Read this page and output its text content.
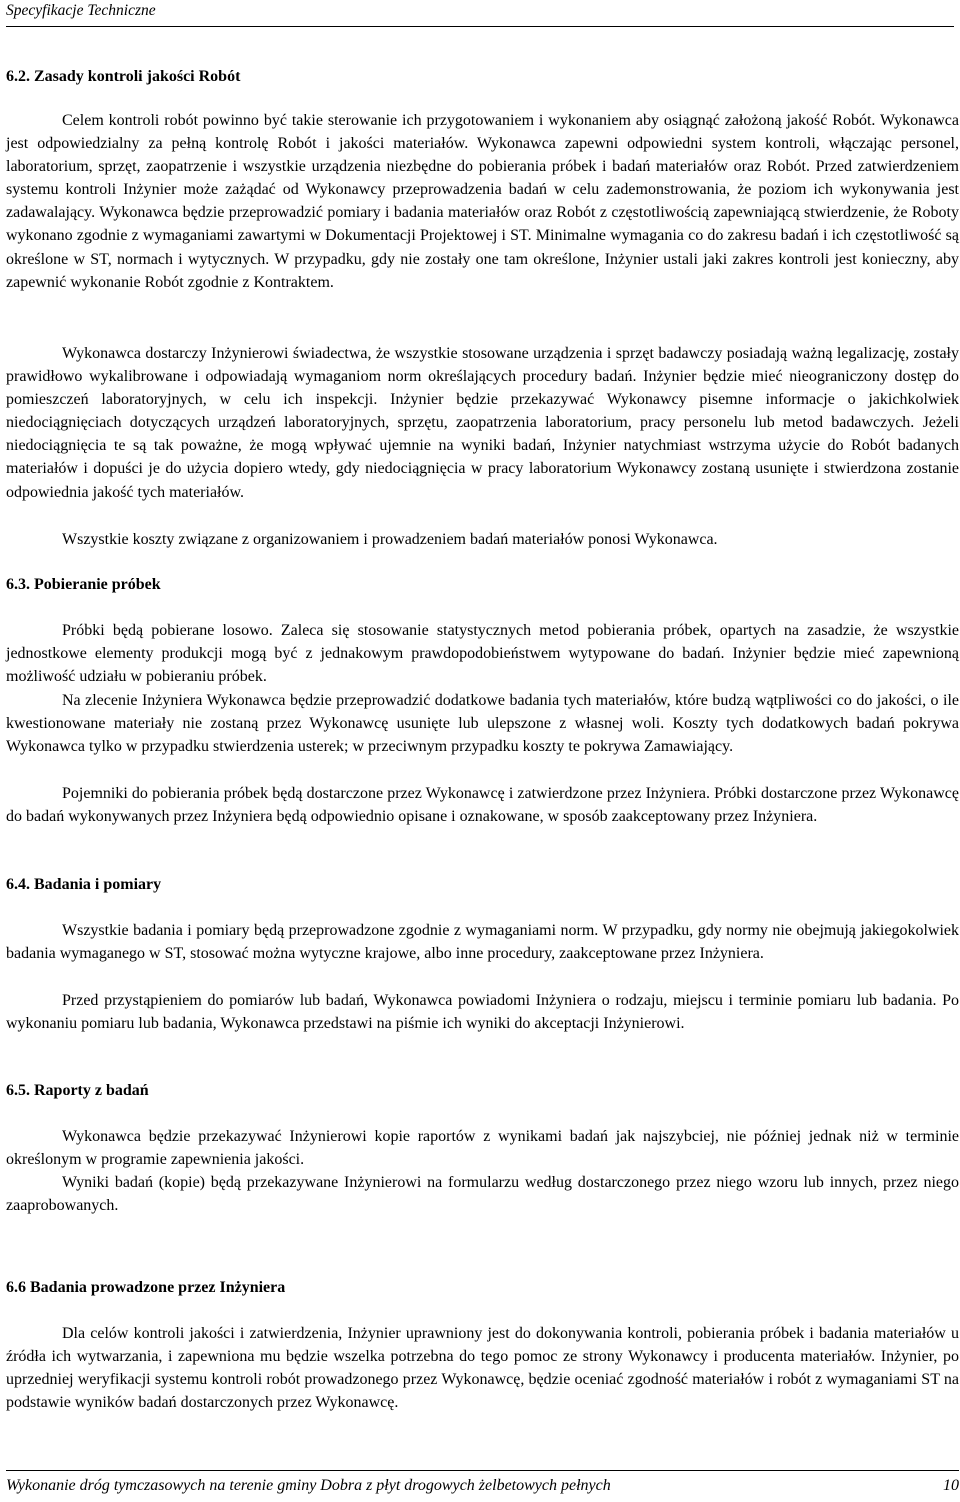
Specyfikacje Techniczne
6.2. Zasady kontroli jakości Robót

Celem kontroli robót powinno być takie sterowanie ich przygotowaniem i wykonaniem aby osiągnąć założoną jakość Robót. Wykonawca jest odpowiedzialny za pełną kontrolę Robót i jakości materiałów. Wykonawca zapewni odpowiedni system kontroli, włączając personel, laboratorium, sprzęt, zaopatrzenie i wszystkie urządzenia niezbędne do pobierania próbek i badań materiałów oraz Robót. Przed zatwierdzeniem systemu kontroli Inżynier może zażądać od Wykonawcy przeprowadzenia badań w celu zademonstrowania, że poziom ich wykonywania jest zadawalający. Wykonawca będzie przeprowadzić pomiary i badania materiałów oraz Robót z częstotliwością zapewniającą stwierdzenie, że Roboty wykonano zgodnie z wymaganiami zawartymi w Dokumentacji Projektowej i ST. Minimalne wymagania co do zakresu badań i ich częstotliwość są określone w ST, normach i wytycznych. W przypadku, gdy nie zostały one tam określone, Inżynier ustali jaki zakres kontroli jest konieczny, aby zapewnić wykonanie Robót zgodnie z Kontraktem.

Wykonawca dostarczy Inżynierowi świadectwa, że wszystkie stosowane urządzenia i sprzęt badawczy posiadają ważną legalizację, zostały prawidłowo wykalibrowane i odpowiadają wymaganiom norm określających procedury badań. Inżynier będzie mieć nieograniczony dostęp do pomieszczeń laboratoryjnych, w celu ich inspekcji. Inżynier będzie przekazywać Wykonawcy pisemne informacje o jakichkolwiek niedociągnięciach dotyczących urządzeń laboratoryjnych, sprzętu, zaopatrzenia laboratorium, pracy personelu lub metod badawczych. Jeżeli niedociągnięcia te są tak poważne, że mogą wpływać ujemnie na wyniki badań, Inżynier natychmiast wstrzyma użycie do Robót badanych materiałów i dopuści je do użycia dopiero wtedy, gdy niedociągnięcia w pracy laboratorium Wykonawcy zostaną usunięte i stwierdzona zostanie odpowiednia jakość tych materiałów.

Wszystkie koszty związane z organizowaniem i prowadzeniem badań materiałów ponosi Wykonawca.

6.3. Pobieranie próbek

Próbki będą pobierane losowo. Zaleca się stosowanie statystycznych metod pobierania próbek, opartych na zasadzie, że wszystkie jednostkowe elementy produkcji mogą być z jednakowym prawdopodobieństwem wytypowane do badań. Inżynier będzie mieć zapewnioną możliwość udziału w pobieraniu próbek.

Na zlecenie Inżyniera Wykonawca będzie przeprowadzić dodatkowe badania tych materiałów, które budzą wątpliwości co do jakości, o ile kwestionowane materiały nie zostaną przez Wykonawcę usunięte lub ulepszone z własnej woli. Koszty tych dodatkowych badań pokrywa Wykonawca tylko w przypadku stwierdzenia usterek; w przeciwnym przypadku koszty te pokrywa Zamawiający.

Pojemniki do pobierania próbek będą dostarczone przez Wykonawcę i zatwierdzone przez Inżyniera. Próbki dostarczone przez Wykonawcę do badań wykonywanych przez Inżyniera będą odpowiednio opisane i oznakowane, w sposób zaakceptowany przez Inżyniera.

6.4. Badania i pomiary

Wszystkie badania i pomiary będą przeprowadzone zgodnie z wymaganiami norm. W przypadku, gdy normy nie obejmują jakiegokolwiek badania wymaganego w ST, stosować można wytyczne krajowe, albo inne procedury, zaakceptowane przez Inżyniera.

Przed przystąpieniem do pomiarów lub badań, Wykonawca powiadomi Inżyniera o rodzaju, miejscu i terminie pomiaru lub badania. Po wykonaniu pomiaru lub badania, Wykonawca przedstawi na piśmie ich wyniki do akceptacji Inżynierowi.

6.5. Raporty z badań

Wykonawca będzie przekazywać Inżynierowi kopie raportów z wynikami badań jak najszybciej, nie później jednak niż w terminie określonym w programie zapewnienia jakości.

Wyniki badań (kopie) będą przekazywane Inżynierowi na formularzu według dostarczonego przez niego wzoru lub innych, przez niego zaaprobowanych.

6.6 Badania prowadzone przez Inżyniera

Dla celów kontroli jakości i zatwierdzenia, Inżynier uprawniony jest do dokonywania kontroli, pobierania próbek i badania materiałów u źródła ich wytwarzania, i zapewniona mu będzie wszelka potrzebna do tego pomoc ze strony Wykonawcy i producenta materiałów. Inżynier, po uprzedniej weryfikacji systemu kontroli robót prowadzonego przez Wykonawcę, będzie oceniać zgodność materiałów i robót z wymaganiami ST na podstawie wyników badań dostarczonych przez Wykonawcę.

Wykonanie dróg tymczasowych na terenie gminy Dobra z płyt drogowych żelbetowych pełnych	10
